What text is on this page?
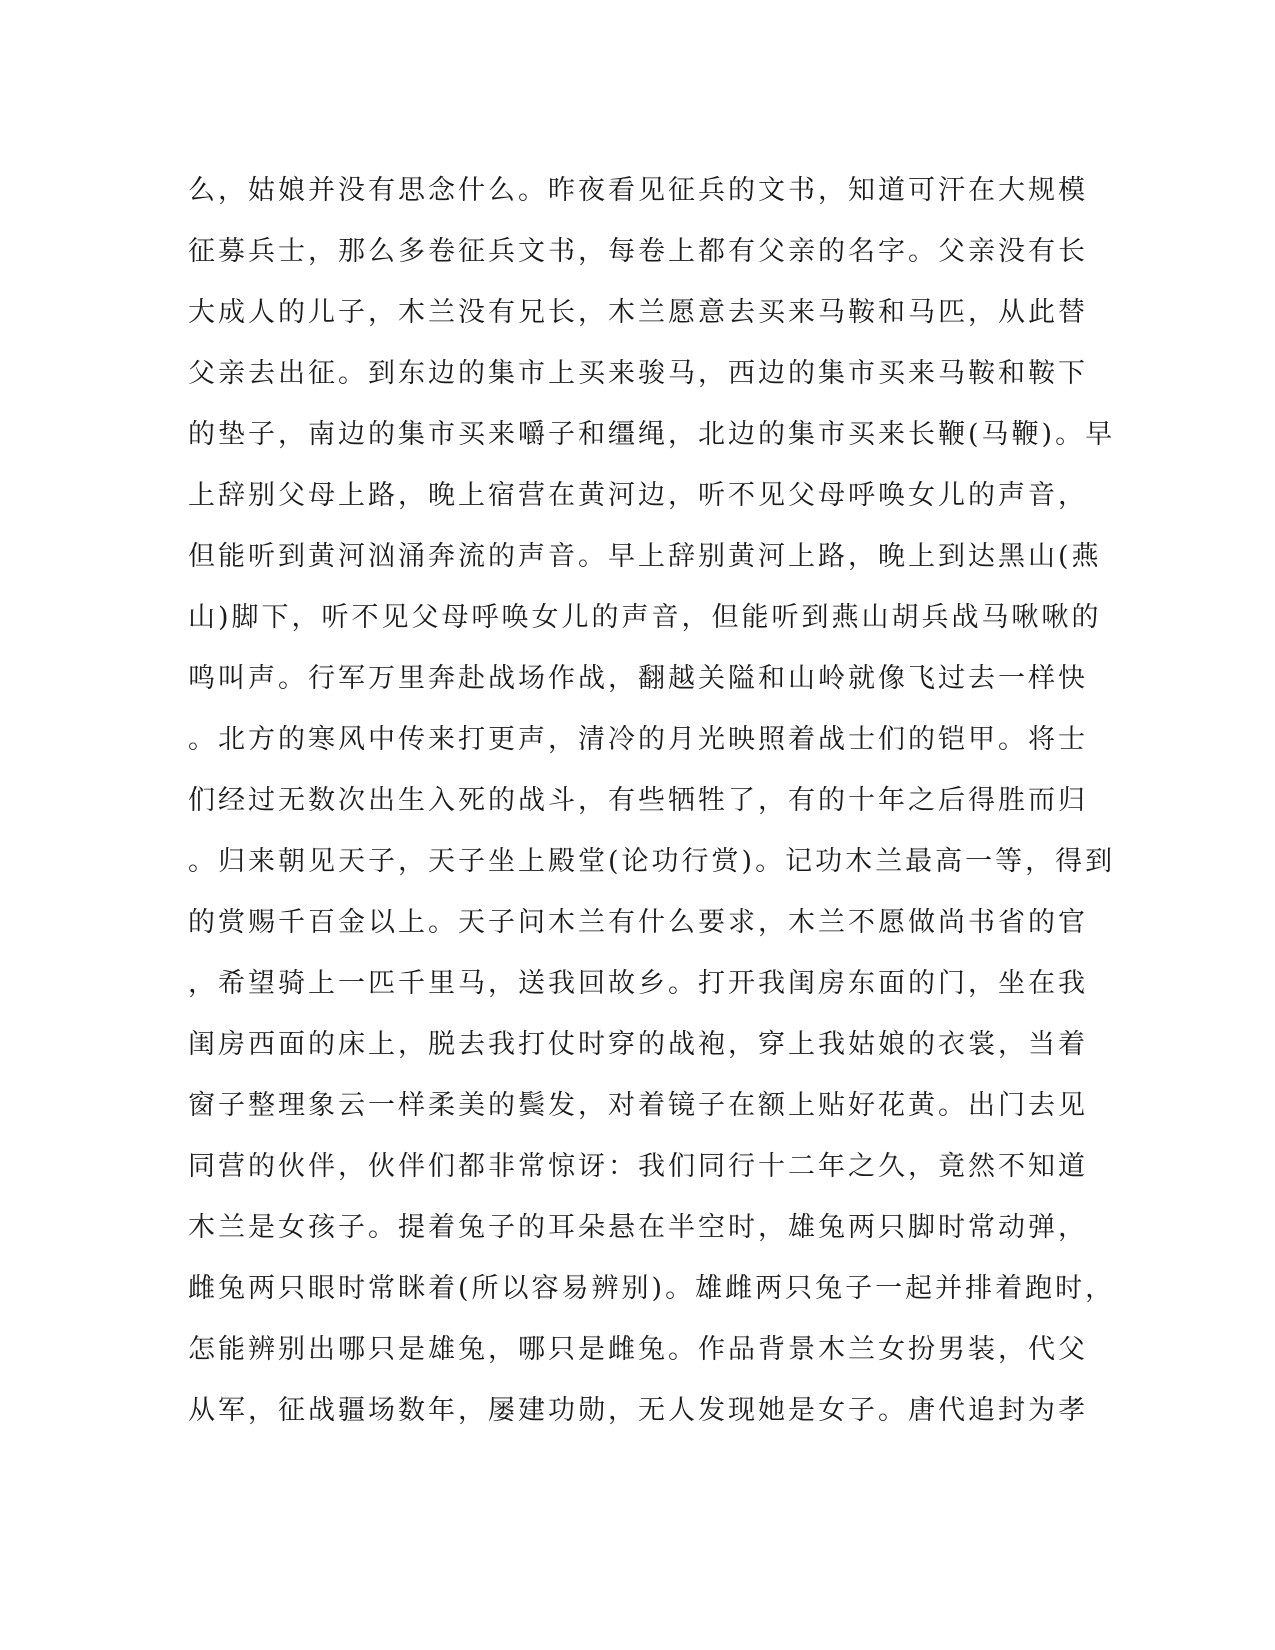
么，姑娘并没有思念什么。昨夜看见征兵的文书，知道可汗在大规模
征募兵士，那么多卷征兵文书，每卷上都有父亲的名字。父亲没有长
大成人的儿子，木兰没有兄长，木兰愿意去买来马鞍和马匹，从此替
父亲去出征。到东边的集市上买来骏马，西边的集市买来马鞍和鞍下
的垫子，南边的集市买来嚼子和缰绳，北边的集市买来长鞭(马鞭)。早
上辞别父母上路，晚上宿营在黄河边，听不见父母呼唤女儿的声音，
但能听到黄河汹涌奔流的声音。早上辞别黄河上路，晚上到达黑山(燕
山)脚下，听不见父母呼唤女儿的声音，但能听到燕山胡兵战马啾啾的
鸣叫声。行军万里奔赴战场作战，翻越关隘和山岭就像飞过去一样快
。北方的寒风中传来打更声，清冷的月光映照着战士们的铠甲。将士
们经过无数次出生入死的战斗，有些牺牲了，有的十年之后得胜而归
。归来朝见天子，天子坐上殿堂(论功行赏)。记功木兰最高一等，得到
的赏赐千百金以上。天子问木兰有什么要求，木兰不愿做尚书省的官
，希望骑上一匹千里马，送我回故乡。打开我闺房东面的门，坐在我
闺房西面的床上，脱去我打仗时穿的战袍，穿上我姑娘的衣裳，当着
窗子整理象云一样柔美的鬓发，对着镜子在额上贴好花黄。出门去见
同营的伙伴，伙伴们都非常惊讶：我们同行十二年之久，竟然不知道
木兰是女孩子。提着兔子的耳朵悬在半空时，雄兔两只脚时常动弹，
雌兔两只眼时常眯着(所以容易辨别)。雄雌两只兔子一起并排着跑时，
怎能辨别出哪只是雄兔，哪只是雌兔。作品背景木兰女扮男装，代父
从军，征战疆场数年，屡建功勋，无人发现她是女子。唐代追封为孝
